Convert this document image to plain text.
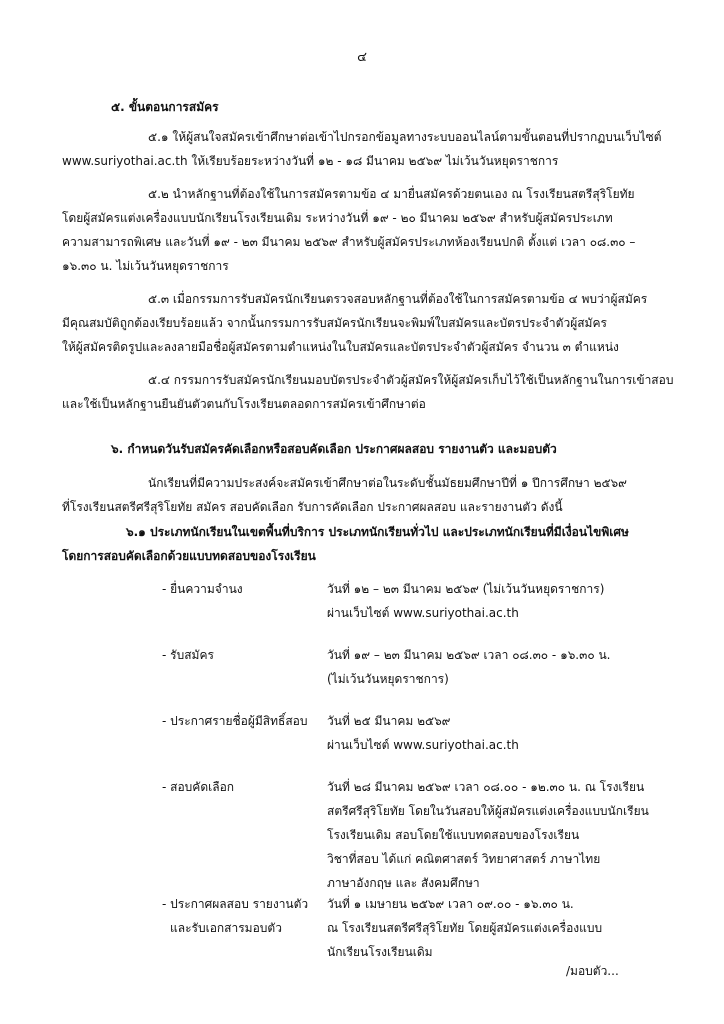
๔
๕. ขั้นตอนการสมัคร
๕.๑ ให้ผู้สนใจสมัครเข้าศึกษาต่อเข้าไปกรอกข้อมูลทางระบบออนไลน์ตามขั้นตอนที่ปรากฏบนเว็บไซต์
www.suriyothai.ac.th ให้เรียบร้อยระหว่างวันที่ ๑๒ - ๑๘ มีนาคม ๒๕๖๙ ไม่เว้นวันหยุดราชการ
๕.๒ นำหลักฐานที่ต้องใช้ในการสมัครตามข้อ ๔ มายื่นสมัครด้วยตนเอง ณ โรงเรียนสตรีสุริโยทัย
โดยผู้สมัครแต่งเครื่องแบบนักเรียนโรงเรียนเดิม ระหว่างวันที่ ๑๙ - ๒๐ มีนาคม ๒๕๖๙ สำหรับผู้สมัครประเภท
ความสามารถพิเศษ และวันที่ ๑๙ - ๒๓ มีนาคม ๒๕๖๙ สำหรับผู้สมัครประเภทห้องเรียนปกติ ตั้งแต่ เวลา ๐๘.๓๐ –
๑๖.๓๐ น. ไม่เว้นวันหยุดราชการ
๕.๓ เมื่อกรรมการรับสมัครนักเรียนตรวจสอบหลักฐานที่ต้องใช้ในการสมัครตามข้อ ๔ พบว่าผู้สมัคร
มีคุณสมบัติถูกต้องเรียบร้อยแล้ว จากนั้นกรรมการรับสมัครนักเรียนจะพิมพ์ใบสมัครและบัตรประจำตัวผู้สมัคร
ให้ผู้สมัครติดรูปและลงลายมือชื่อผู้สมัครตามตำแหน่งในใบสมัครและบัตรประจำตัวผู้สมัคร จำนวน ๓ ตำแหน่ง
๕.๔ กรรมการรับสมัครนักเรียนมอบบัตรประจำตัวผู้สมัครให้ผู้สมัครเก็บไว้ใช้เป็นหลักฐานในการเข้าสอบ
และใช้เป็นหลักฐานยืนยันตัวตนกับโรงเรียนตลอดการสมัครเข้าศึกษาต่อ
๖. กำหนดวันรับสมัครคัดเลือกหรือสอบคัดเลือก ประกาศผลสอบ รายงานตัว และมอบตัว
นักเรียนที่มีความประสงค์จะสมัครเข้าศึกษาต่อในระดับชั้นมัธยมศึกษาปีที่ ๑ ปีการศึกษา ๒๕๖๙
ที่โรงเรียนสตรีศรีสุริโยทัย สมัคร สอบคัดเลือก รับการคัดเลือก ประกาศผลสอบ และรายงานตัว ดังนี้
๖.๑ ประเภทนักเรียนในเขตพื้นที่บริการ ประเภทนักเรียนทั่วไป และประเภทนักเรียนที่มีเงื่อนไขพิเศษ
โดยการสอบคัดเลือกด้วยแบบทดสอบของโรงเรียน
- ยื่นความจำนง	วันที่ ๑๒ – ๒๓ มีนาคม ๒๕๖๙ (ไม่เว้นวันหยุดราชการ)
ผ่านเว็บไซต์ www.suriyothai.ac.th
- รับสมัคร	วันที่ ๑๙ – ๒๓ มีนาคม ๒๕๖๙ เวลา ๐๘.๓๐ - ๑๖.๓๐ น.
(ไม่เว้นวันหยุดราชการ)
- ประกาศรายชื่อผู้มีสิทธิ์สอบ วันที่ ๒๕ มีนาคม ๒๕๖๙
ผ่านเว็บไซต์ www.suriyothai.ac.th
- สอบคัดเลือก	วันที่ ๒๘ มีนาคม ๒๕๖๙ เวลา ๐๘.๐๐ - ๑๒.๓๐ น. ณ โรงเรียน
สตรีศรีสุริโยทัย โดยในวันสอบให้ผู้สมัครแต่งเครื่องแบบนักเรียน
โรงเรียนเดิม สอบโดยใช้แบบทดสอบของโรงเรียน
วิชาที่สอบ ได้แก่ คณิตศาสตร์ วิทยาศาสตร์ ภาษาไทย
ภาษาอังกฤษ และ สังคมศึกษา
- ประกาศผลสอบ รายงานตัว
และรับเอกสารมอบตัว
วันที่ ๑ เมษายน ๒๕๖๙ เวลา ๐๙.๐๐ - ๑๖.๓๐ น.
ณ โรงเรียนสตรีศรีสุริโยทัย โดยผู้สมัครแต่งเครื่องแบบ
นักเรียนโรงเรียนเดิม
/มอบตัว...
